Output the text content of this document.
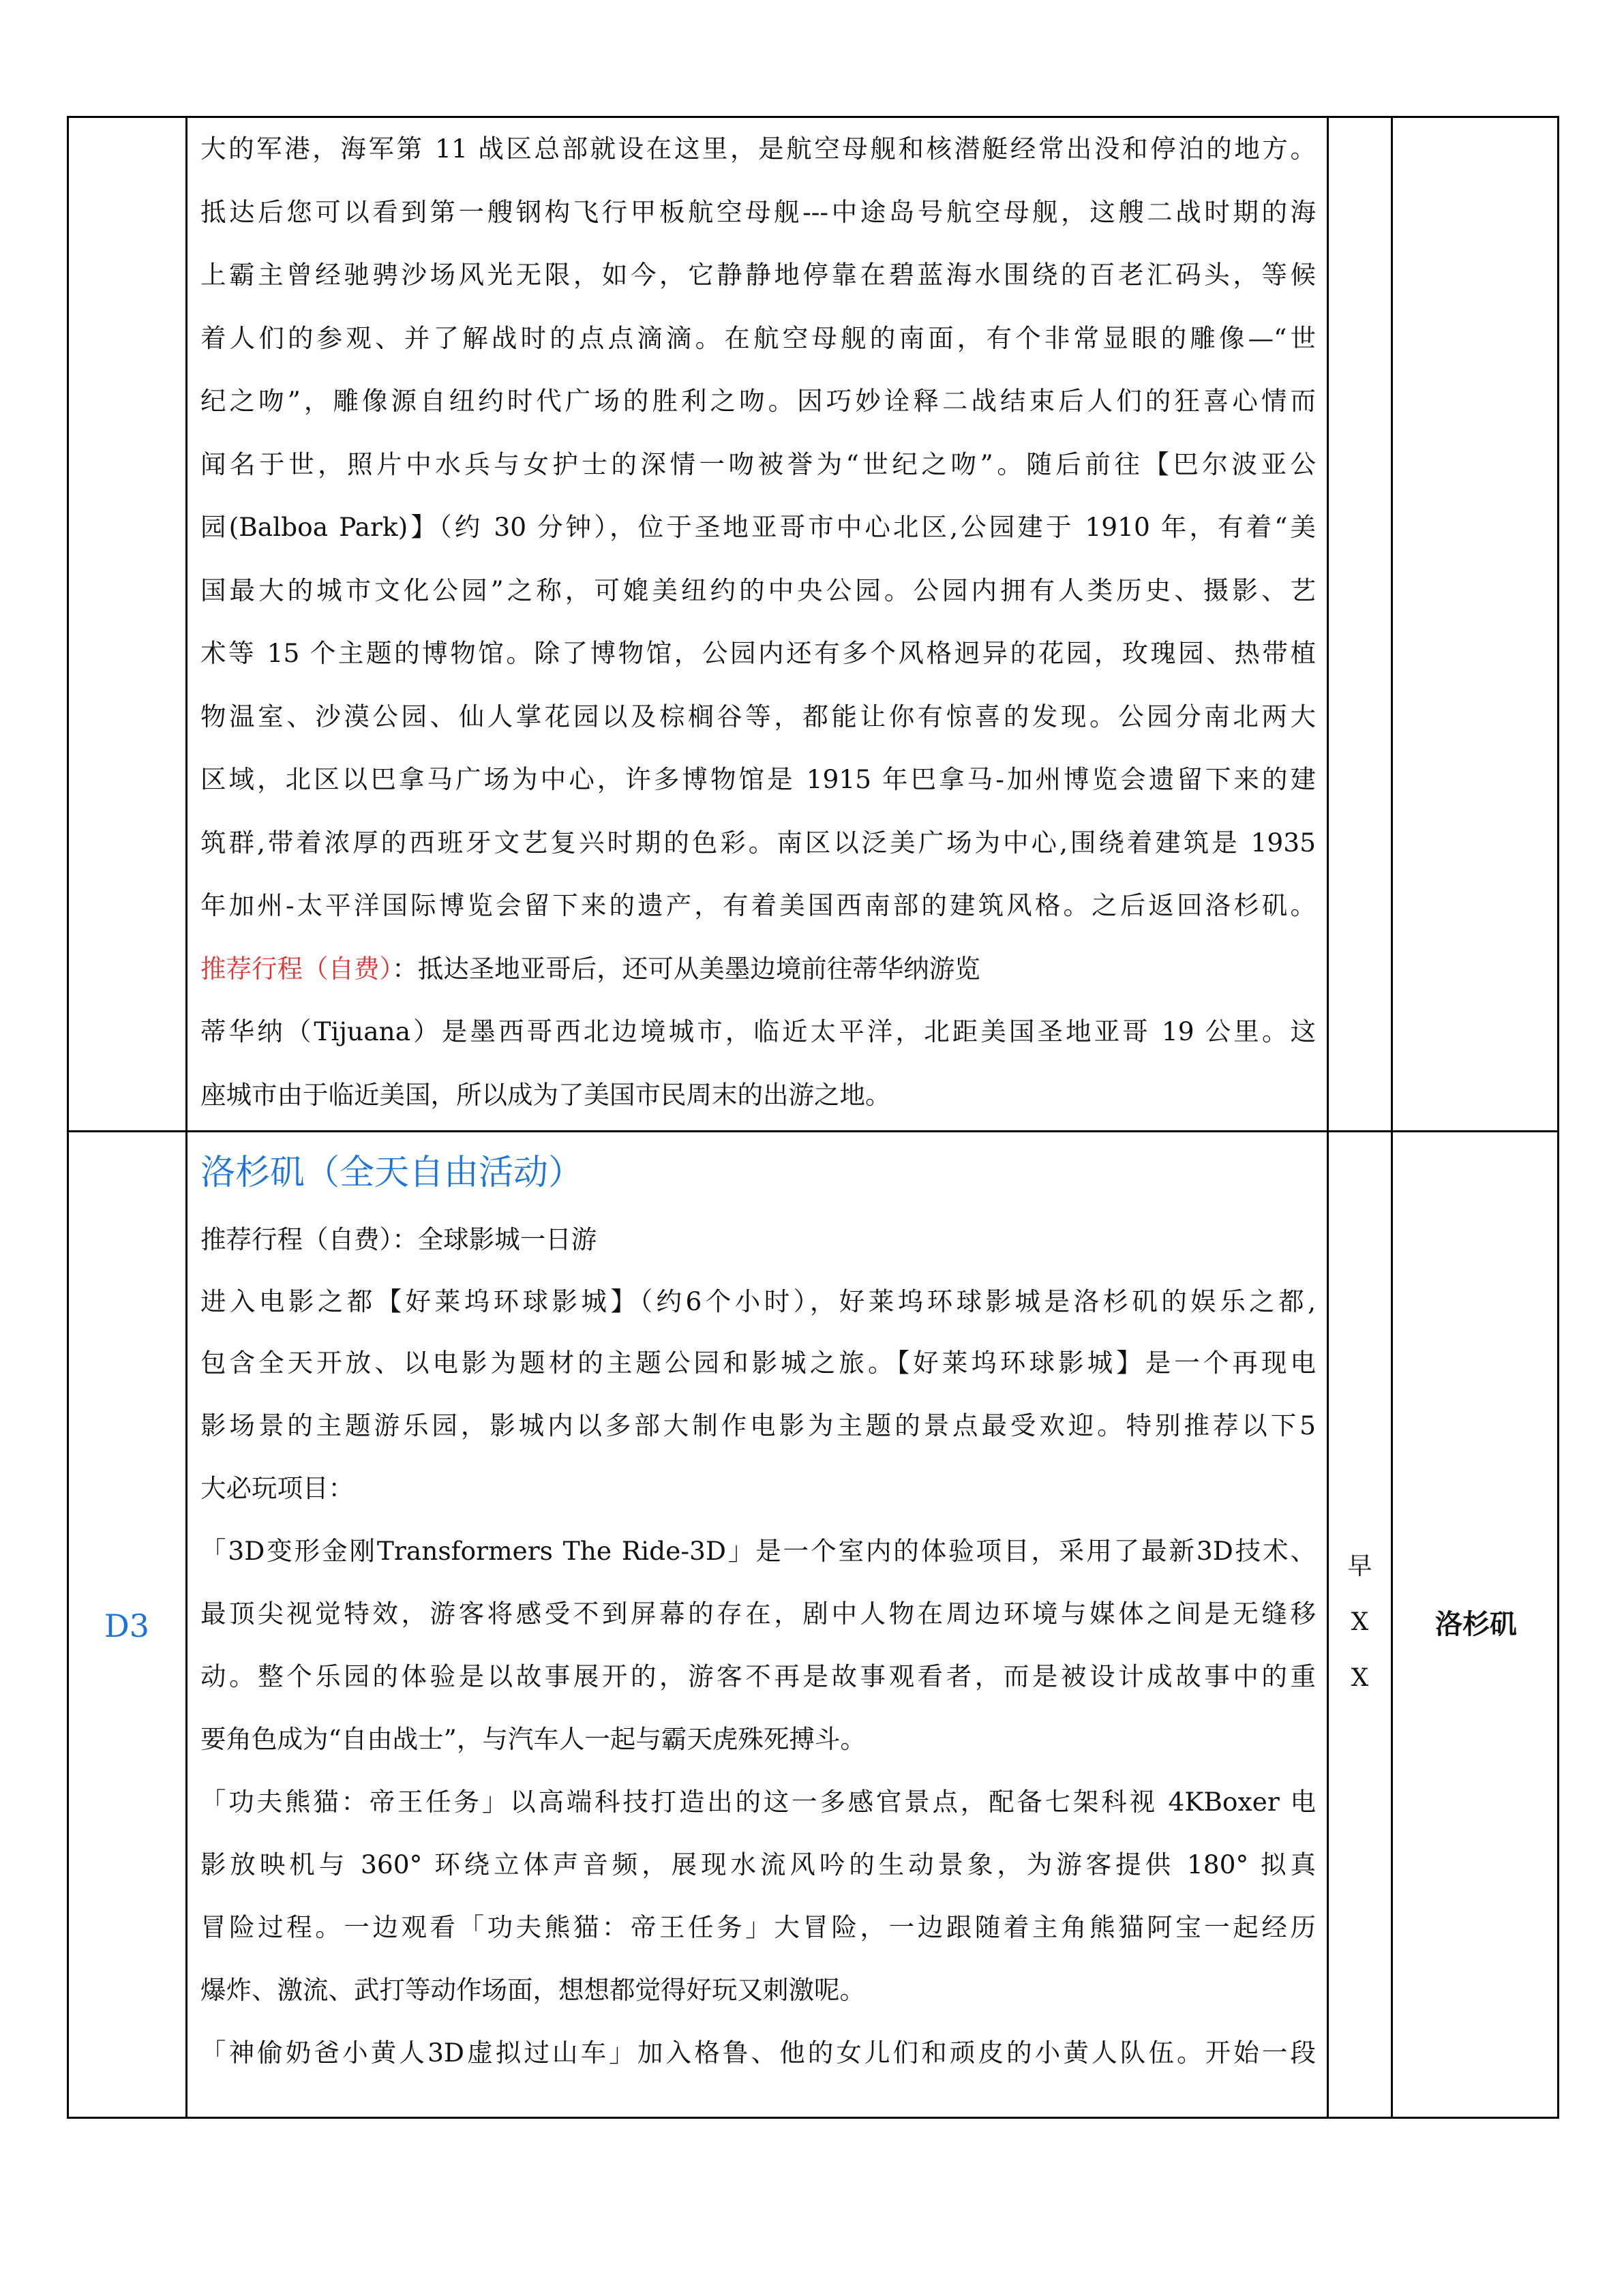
D3
早
X
X
洛杉矶
大的军港，海军第 11 战区总部就设在这里，是航空母舰和核潜艇经常出没和停泊的地方。
抵达后您可以看到第一艘钢构飞行甲板航空母舰---中途岛号航空母舰，这艘二战时期的海
上霸主曾经驰骋沙场风光无限，如今，它静静地停靠在碧蓝海水围绕的百老汇码头，等候
着人们的参观、并了解战时的点点滴滴。在航空母舰的南面，有个非常显眼的雕像—“世
纪之吻”，雕像源自纽约时代广场的胜利之吻。因巧妙诠释二战结束后人们的狂喜心情而
闻名于世，照片中水兵与女护士的深情一吻被誉为“世纪之吻”。随后前往【巴尔波亚公
园(Balboa Park)】（约 30 分钟），位于圣地亚哥市中心北区,公园建于 1910 年，有着“美
国最大的城市文化公园”之称，可媲美纽约的中央公园。公园内拥有人类历史、摄影、艺
术等 15 个主题的博物馆。除了博物馆，公园内还有多个风格迥异的花园，玫瑰园、热带植
物温室、沙漠公园、仙人掌花园以及棕榈谷等，都能让你有惊喜的发现。公园分南北两大
区域，北区以巴拿马广场为中心，许多博物馆是 1915 年巴拿马-加州博览会遗留下来的建
筑群,带着浓厚的西班牙文艺复兴时期的色彩。南区以泛美广场为中心,围绕着建筑是 1935
年加州-太平洋国际博览会留下来的遗产，有着美国西南部的建筑风格。之后返回洛杉矶。
推荐行程（自费）：抵达圣地亚哥后，还可从美墨边境前往蒂华纳游览
蒂华纳（Tijuana）是墨西哥西北边境城市，临近太平洋，北距美国圣地亚哥 19 公里。这
座城市由于临近美国，所以成为了美国市民周末的出游之地。
洛杉矶（全天自由活动）
推荐行程（自费）：全球影城一日游
进入电影之都【好莱坞环球影城】（约6个小时），好莱坞环球影城是洛杉矶的娱乐之都,
包含全天开放、以电影为题材的主题公园和影城之旅。【好莱坞环球影城】是一个再现电
影场景的主题游乐园，影城内以多部大制作电影为主题的景点最受欢迎。特别推荐以下5
大必玩项目：
「3D变形金刚Transformers The Ride-3D」是一个室内的体验项目，采用了最新3D技术、
最顶尖视觉特效，游客将感受不到屏幕的存在，剧中人物在周边环境与媒体之间是无缝移
动。整个乐园的体验是以故事展开的，游客不再是故事观看者，而是被设计成故事中的重
要角色成为“自由战士”，与汽车人一起与霸天虎殊死搏斗。
「功夫熊猫：帝王任务」以高端科技打造出的这一多感官景点，配备七架科视 4KBoxer 电
影放映机与 360° 环绕立体声音频，展现水流风吟的生动景象，为游客提供 180° 拟真
冒险过程。一边观看「功夫熊猫：帝王任务」大冒险，一边跟随着主角熊猫阿宝一起经历
爆炸、激流、武打等动作场面，想想都觉得好玩又刺激呢。
「神偷奶爸小黄人3D虚拟过山车」加入格鲁、他的女儿们和顽皮的小黄人队伍。开始一段
